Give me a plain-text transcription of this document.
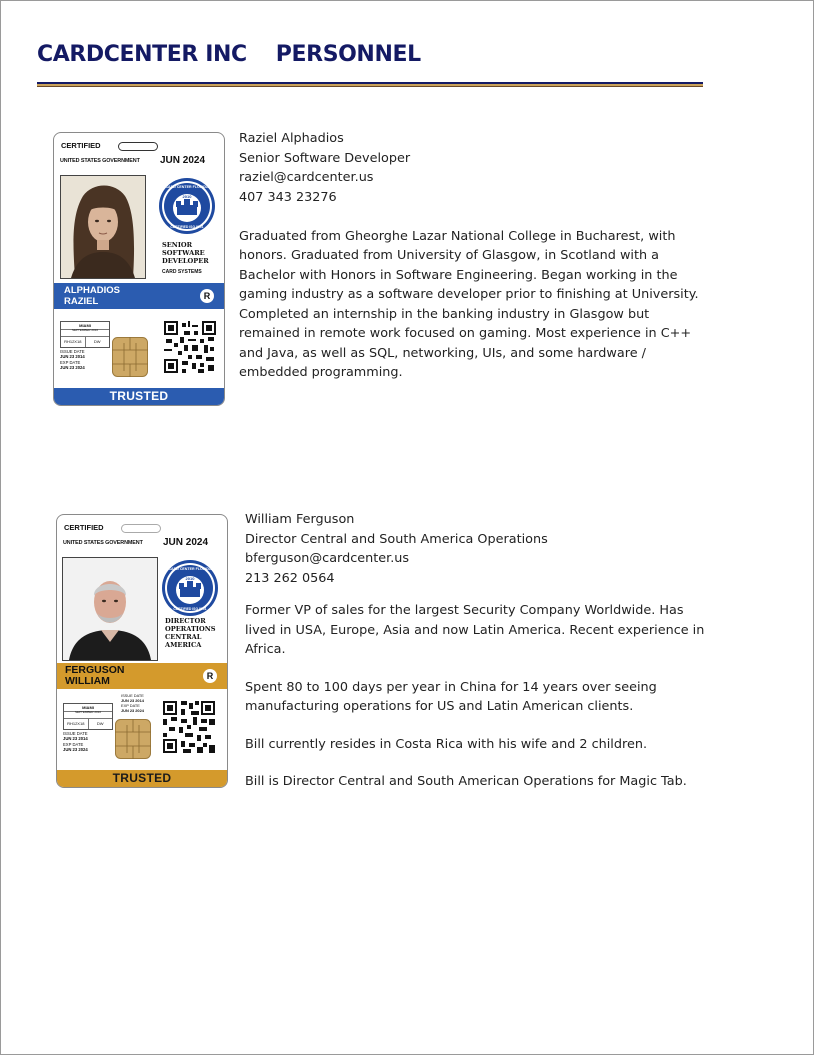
CARDCENTER INC PERSONNEL
CERTIFIED
UNITED STATES GOVERNMENT JUN 2024
2010
CARD CENTER FLORIDA
CERTIFIED ISO 9001
SENIOR
SOFTWARE
DEVELOPER
CARD SYSTEMS
ALPHADIOS
RAZIEL	R
MIAMI
SEPTEMBER 2010
RH12X18	DW
ISSUE DATE
JUN 23 2014
EXP DATE
JUN 23 2024
TRUSTED

Raziel Alphadios

Senior Software Developer

raziel@cardcenter.us

407 343 23276

Graduated from Gheorghe Lazar National College in Bucharest, with honors. Graduated from University of Glasgow, in Scotland with a Bachelor with Honors in Software Engineering. Began working in the gaming industry as a software developer prior to finishing at University. Completed an internship in the banking industry in Glasgow but remained in remote work focused on gaming. Most experience in C++ and Java, as well as SQL, networking, UIs, and some hardware / embedded programming.

CERTIFIED
UNITED STATES GOVERNMENT JUN 2024
2010
CARD CENTER FLORIDA
CERTIFIED ISO 9001
DIRECTOR
OPERATIONS
CENTRAL
AMERICA
FERGUSON
WILLIAM	R
ISSUE DATE
JUN 23 2014
EXP DATE
JUN 23 2024
MIAMI
SEPTEMBER 2010
RH12X18	DW
ISSUE DATE
JUN 23 2014
EXP DATE
JUN 23 2024
TRUSTED

William Ferguson

Director Central and South America Operations

bferguson@cardcenter.us

213 262 0564

Former VP of sales for the largest Security Company Worldwide. Has lived in USA, Europe, Asia and now Latin America. Recent experience in Africa.

Spent 80 to 100 days per year in China for 14 years over seeing manufacturing operations for US and Latin American clients.

Bill currently resides in Costa Rica with his wife and 2 children.

Bill is Director Central and South American Operations for Magic Tab.
